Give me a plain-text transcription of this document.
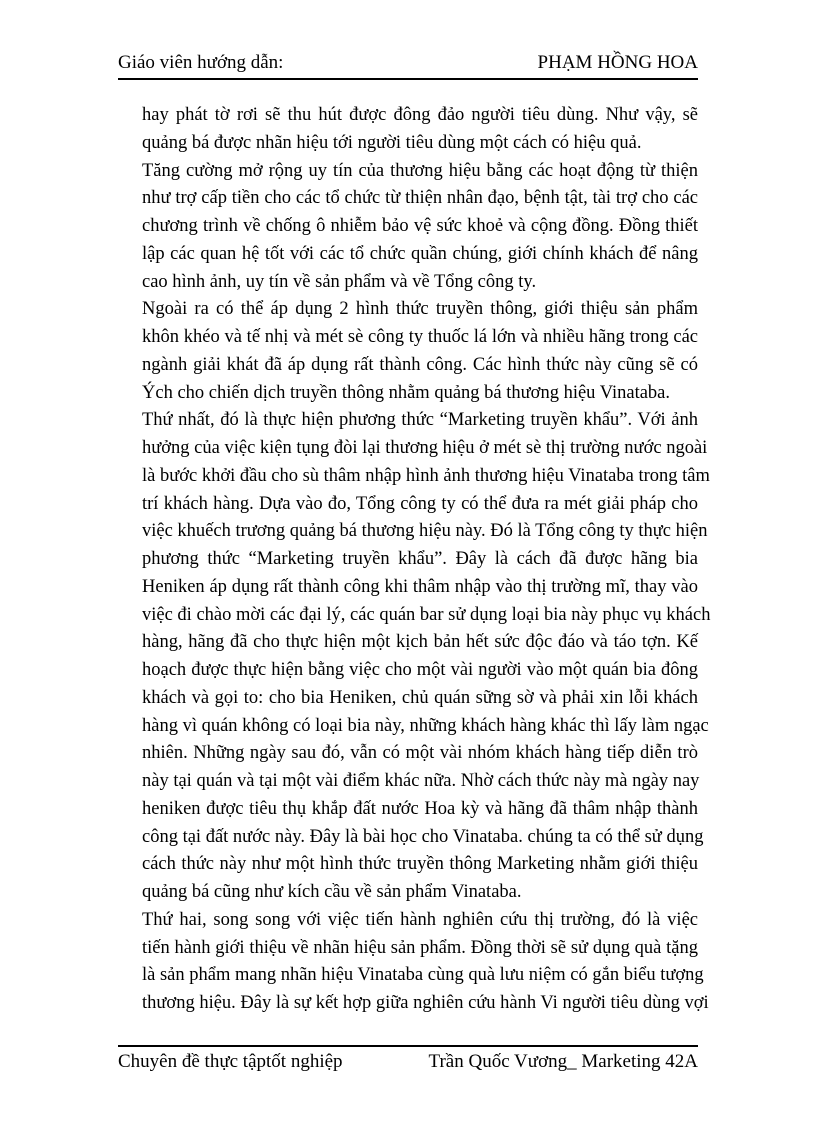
Giáo viên hướng dẫn:	PHẠM HỒNG HOA
hay phát tờ rơi sẽ thu hút được đông đảo người tiêu dùng. Như vậy, sẽ
quảng bá được nhãn hiệu tới người tiêu dùng một cách có hiệu quả.
Tăng cường mở rộng uy tín của thương hiệu bằng các hoạt động từ thiện
như trợ cấp tiền cho các tổ chức từ thiện nhân đạo, bệnh tật, tài trợ cho các
chương trình về chống ô nhiễm bảo vệ sức khoẻ và cộng đồng. Đồng thiết
lập các quan hệ tốt với các tổ chức quần chúng, giới chính khách để nâng
cao hình ảnh, uy tín về sản phẩm và về Tổng công ty.
Ngoài ra có thể áp dụng 2 hình thức truyền thông, giới thiệu sản phẩm
khôn khéo và tế nhị và mét sè công ty thuốc lá lớn và nhiều hãng trong các
ngành giải khát đã áp dụng rất thành công. Các hình thức này cũng sẽ có
Ých cho chiến dịch truyền thông nhằm quảng bá thương hiệu Vinataba.
Thứ nhất, đó là thực hiện phương thức “Marketing truyền khẩu”. Với ảnh
hưởng của việc kiện tụng đòi lại thương hiệu ở mét sè thị trường nước ngoài
là bước khởi đầu cho sù thâm nhập hình ảnh thương hiệu Vinataba trong tâm
trí khách hàng. Dựa vào đo, Tổng công ty có thể đưa ra mét giải pháp cho
việc khuếch trương quảng bá thương hiệu này. Đó là Tổng công ty thực hiện
phương thức “Marketing truyền khẩu”. Đây là cách đã được hãng bia
Heniken áp dụng rất thành công khi thâm nhập vào thị trường mĩ, thay vào
việc đi chào mời các đại lý, các quán bar sử dụng loại bia này phục vụ khách
hàng, hãng đã cho thực hiện một kịch bản hết sức độc đáo và táo tợn. Kế
hoạch được thực hiện bằng việc cho một vài người vào một quán bia đông
khách và gọi to: cho bia Heniken, chủ quán sững sờ và phải xin lỗi khách
hàng vì quán không có loại bia này, những khách hàng khác thì lấy làm ngạc
nhiên. Những ngày sau đó, vẫn có một vài nhóm khách hàng tiếp diễn trò
này tại quán và tại một vài điểm khác nữa. Nhờ cách thức này mà ngày nay
heniken được tiêu thụ khắp đất nước Hoa kỳ và hãng đã thâm nhập thành
công tại đất nước này. Đây là bài học cho Vinataba. chúng ta có thể sử dụng
cách thức này như một hình thức truyền thông Marketing nhằm giới thiệu
quảng bá cũng như kích cầu về sản phẩm Vinataba.
Thứ hai, song song với việc tiến hành nghiên cứu thị trường, đó là việc
tiến hành giới thiệu về nhãn hiệu sản phẩm. Đồng thời sẽ sử dụng quà tặng
là sản phẩm mang nhãn hiệu Vinataba cùng quà lưu niệm có gắn biểu tượng
thương hiệu. Đây là sự kết hợp giữa nghiên cứu hành Vi người tiêu dùng vợi
Chuyên đề thực tậptốt nghiệp	Trần Quốc Vương_ Marketing 42A
